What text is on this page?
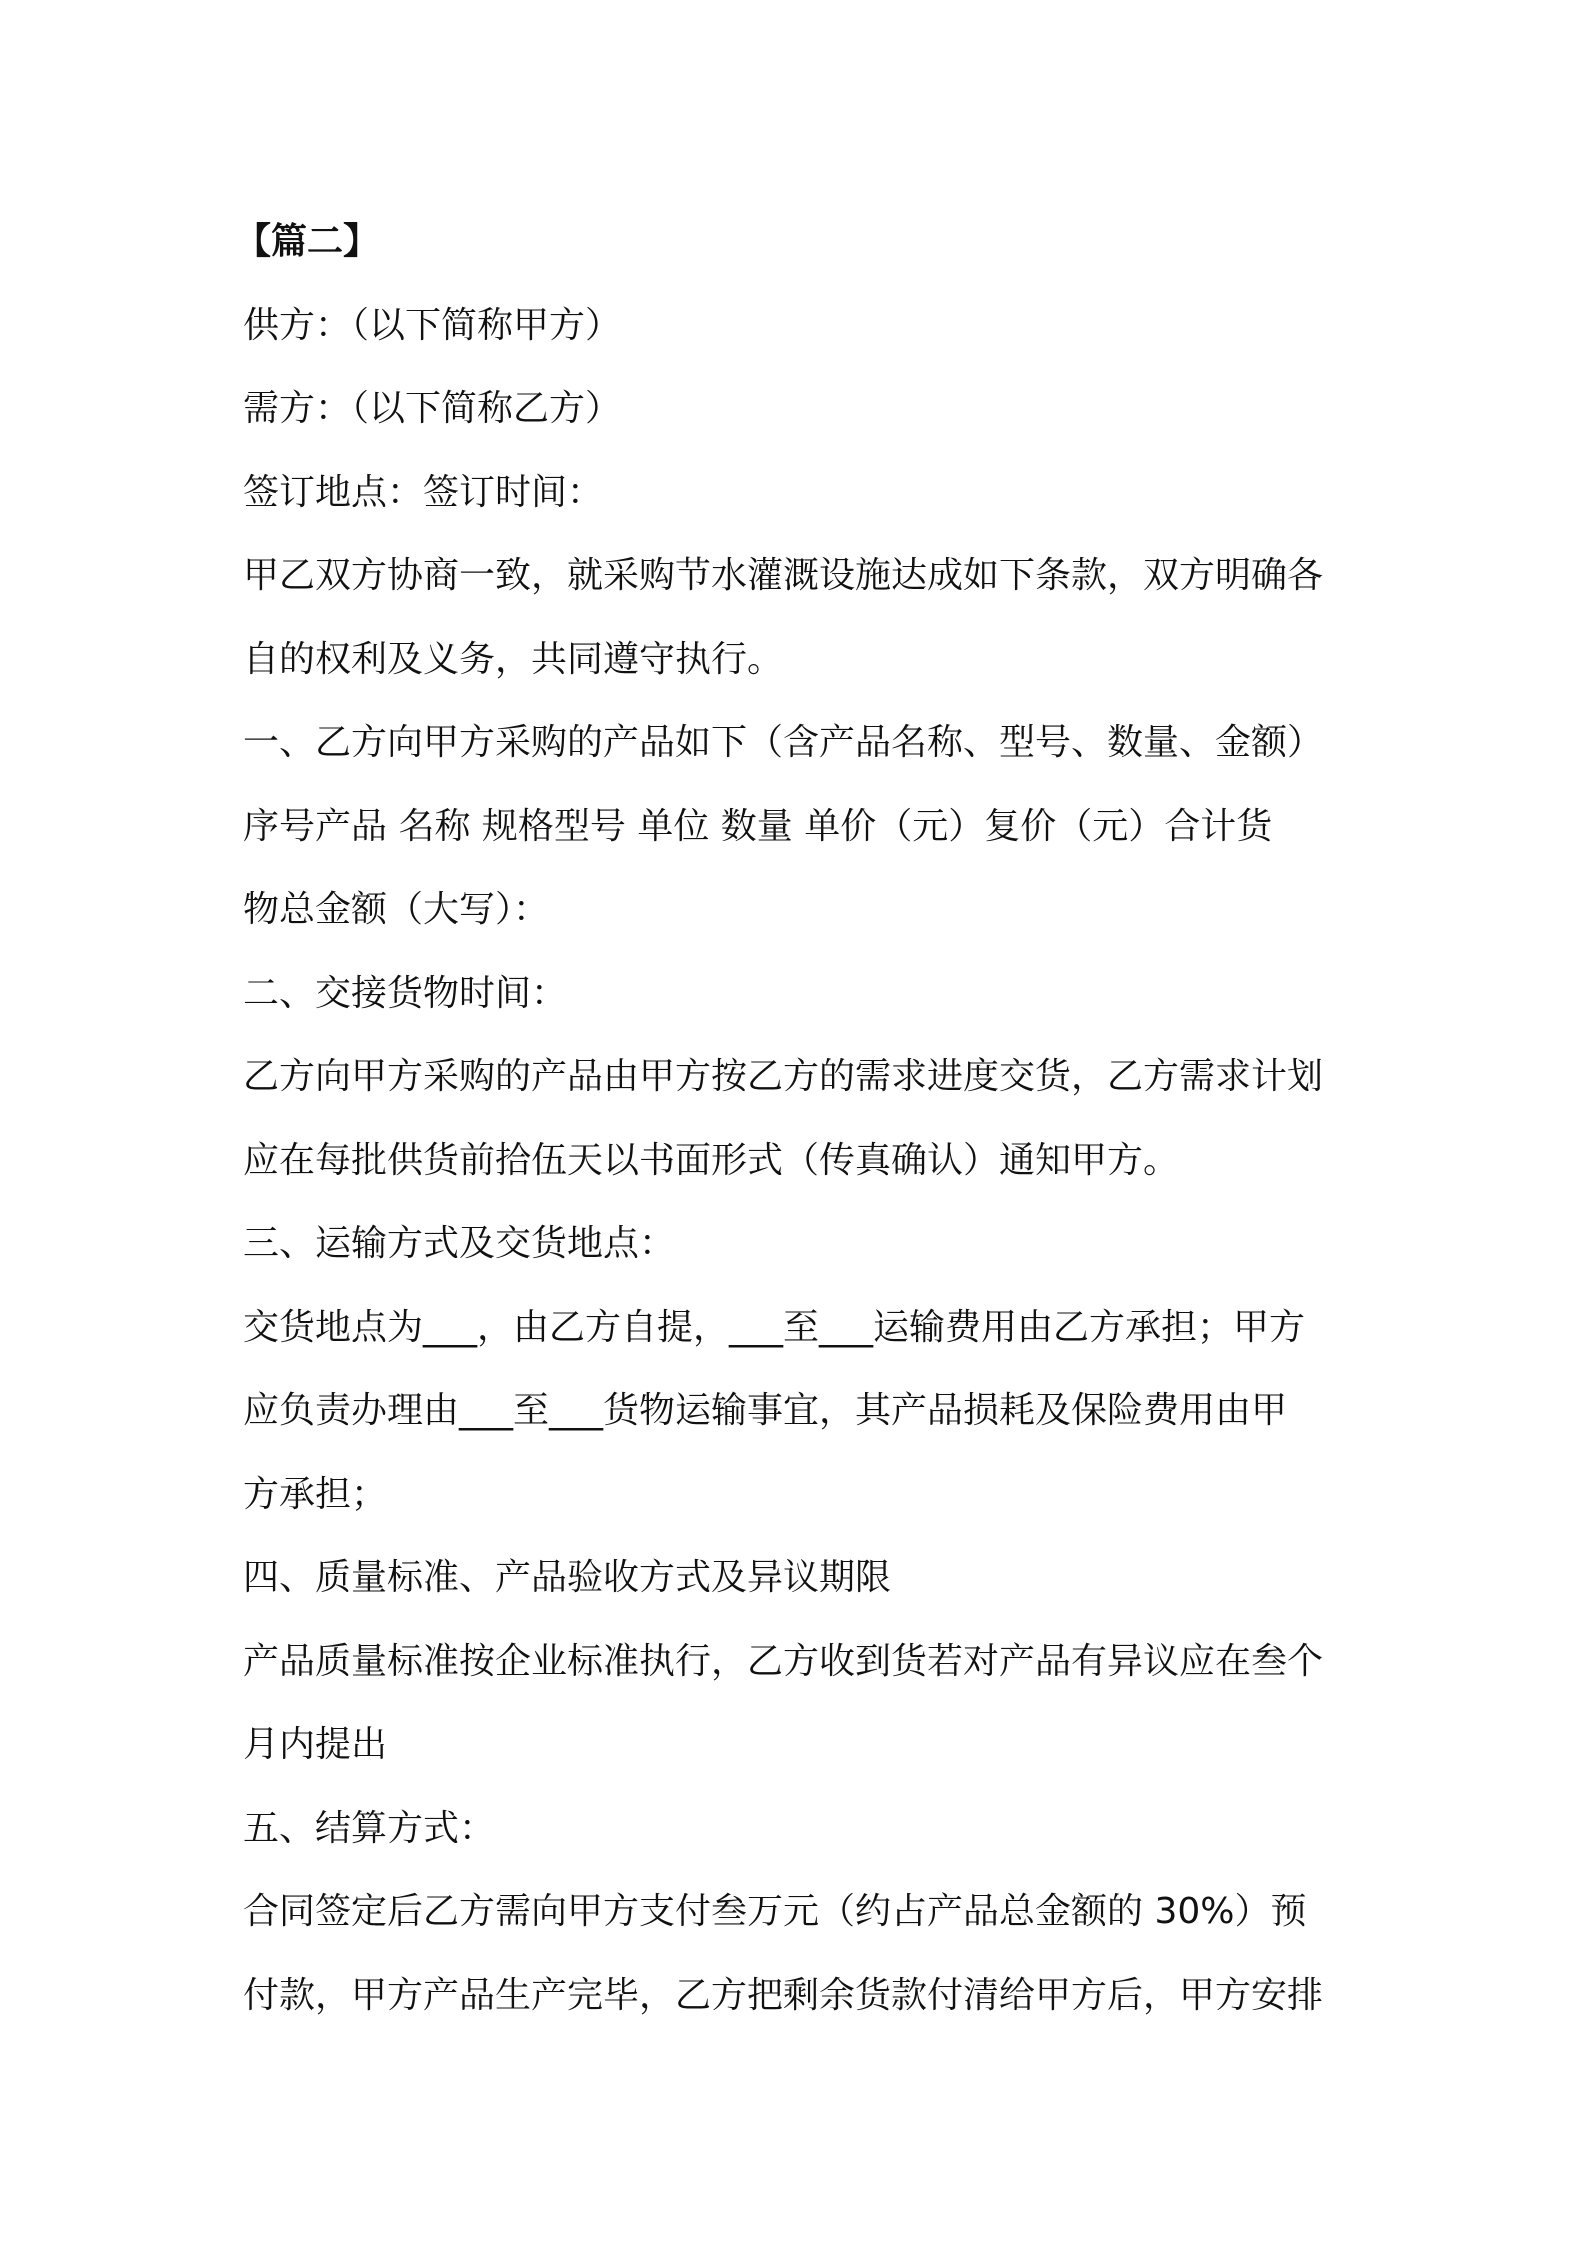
【篇二】
供方：（以下简称甲方）
需方：（以下简称乙方）
签订地点：签订时间：
甲乙双方协商一致，就采购节水灌溉设施达成如下条款，双方明确各
自的权利及义务，共同遵守执行。
一、乙方向甲方采购的产品如下（含产品名称、型号、数量、金额）
序号产品 名称 规格型号 单位 数量 单价（元）复价（元）合计货
物总金额（大写）：
二、交接货物时间：
乙方向甲方采购的产品由甲方按乙方的需求进度交货，乙方需求计划
应在每批供货前拾伍天以书面形式（传真确认）通知甲方。
三、运输方式及交货地点：
交货地点为___，由乙方自提，___至___运输费用由乙方承担；甲方
应负责办理由___至___货物运输事宜，其产品损耗及保险费用由甲
方承担；
四、质量标准、产品验收方式及异议期限
产品质量标准按企业标准执行，乙方收到货若对产品有异议应在叁个
月内提出
五、结算方式：
合同签定后乙方需向甲方支付叁万元（约占产品总金额的 30%）预
付款，甲方产品生产完毕，乙方把剩余货款付清给甲方后，甲方安排
